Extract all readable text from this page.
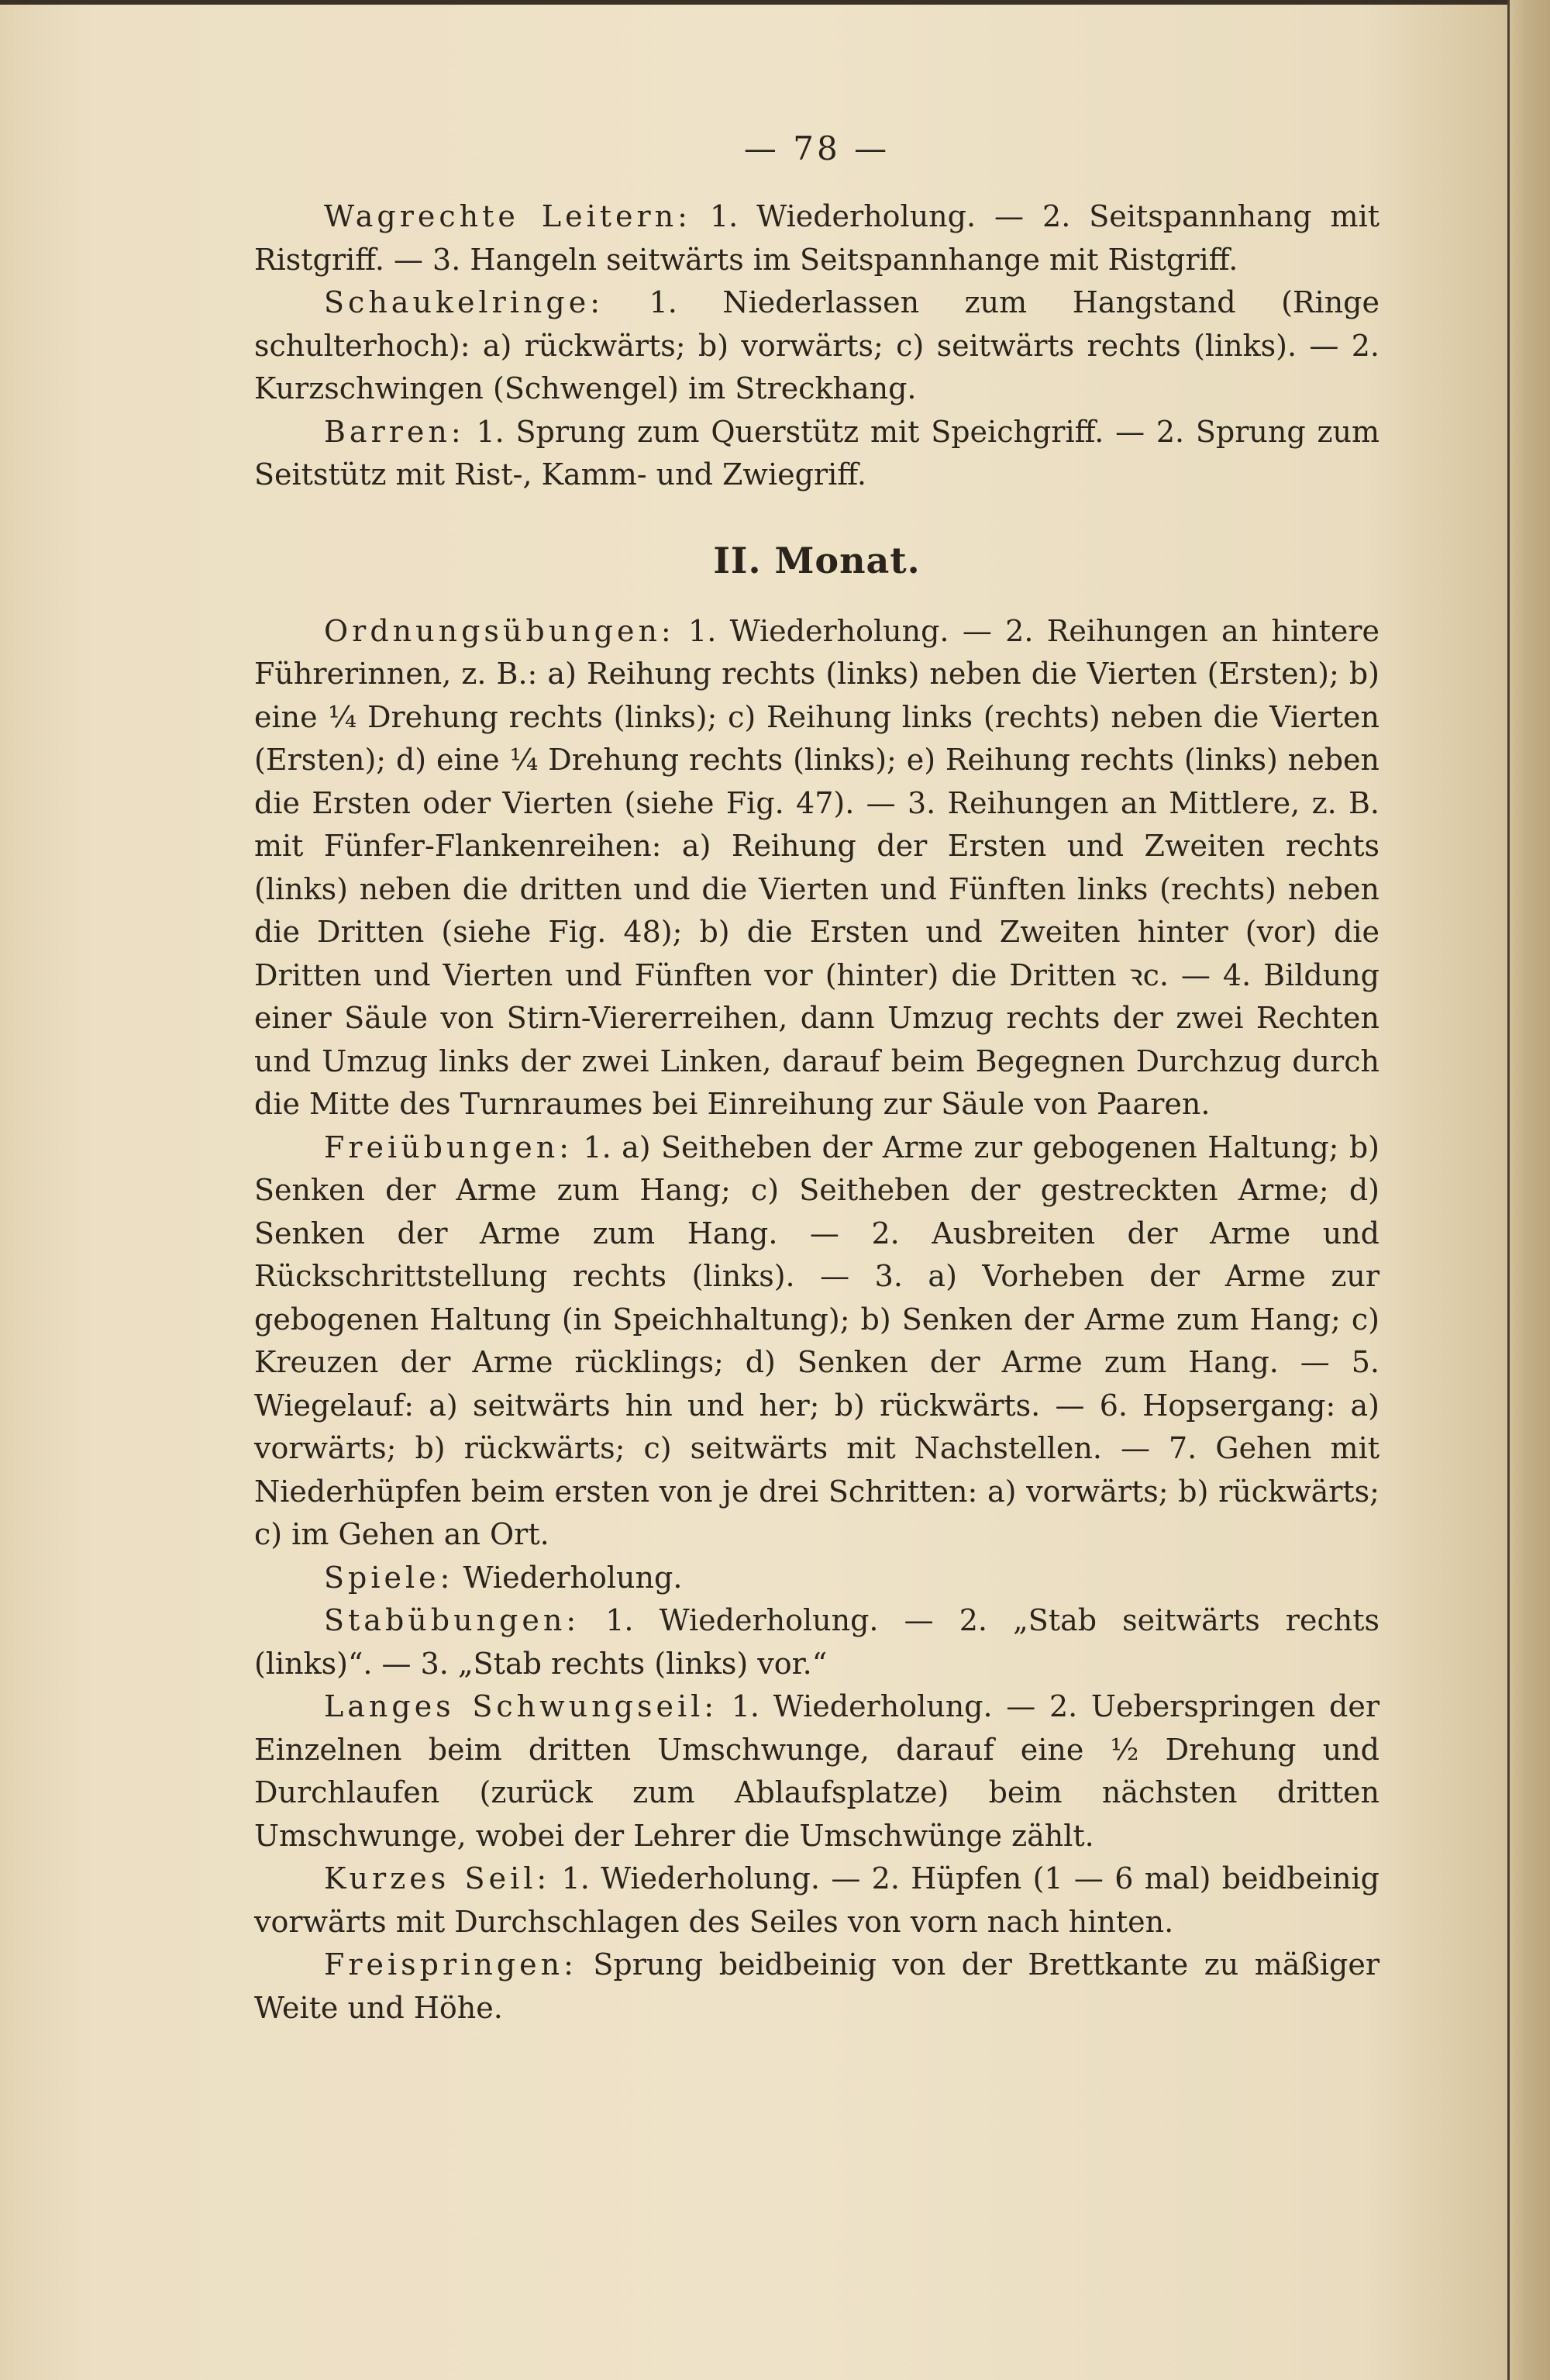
— 78 —

Wagrechte Leitern: 1. Wiederholung. — 2. Seitspannhang mit Ristgriff. — 3. Hangeln seitwärts im Seitspannhange mit Ristgriff.

Schaukelringe: 1. Niederlassen zum Hangstand (Ringe schulterhoch): a) rückwärts; b) vorwärts; c) seitwärts rechts (links). — 2. Kurzschwingen (Schwengel) im Streckhang.

Barren: 1. Sprung zum Querstütz mit Speichgriff. — 2. Sprung zum Seitstütz mit Rist-, Kamm- und Zwiegriff.

II. Monat.

Ordnungsübungen: 1. Wiederholung. — 2. Reihungen an hintere Führerinnen, z. B.: a) Reihung rechts (links) neben die Vierten (Ersten); b) eine ¼ Drehung rechts (links); c) Reihung links (rechts) neben die Vierten (Ersten); d) eine ¼ Drehung rechts (links); e) Reihung rechts (links) neben die Ersten oder Vierten (siehe Fig. 47). — 3. Reihungen an Mittlere, z. B. mit Fünfer-Flankenreihen: a) Reihung der Ersten und Zweiten rechts (links) neben die dritten und die Vierten und Fünften links (rechts) neben die Dritten (siehe Fig. 48); b) die Ersten und Zweiten hinter (vor) die Dritten und Vierten und Fünften vor (hinter) die Dritten ꝛc. — 4. Bildung einer Säule von Stirn-Viererreihen, dann Umzug rechts der zwei Rechten und Umzug links der zwei Linken, darauf beim Begegnen Durchzug durch die Mitte des Turnraumes bei Einreihung zur Säule von Paaren.

Freiübungen: 1. a) Seitheben der Arme zur gebogenen Haltung; b) Senken der Arme zum Hang; c) Seitheben der gestreckten Arme; d) Senken der Arme zum Hang. — 2. Ausbreiten der Arme und Rückschrittstellung rechts (links). — 3. a) Vorheben der Arme zur gebogenen Haltung (in Speichhaltung); b) Senken der Arme zum Hang; c) Kreuzen der Arme rücklings; d) Senken der Arme zum Hang. — 5. Wiegelauf: a) seitwärts hin und her; b) rückwärts. — 6. Hopsergang: a) vorwärts; b) rückwärts; c) seitwärts mit Nachstellen. — 7. Gehen mit Niederhüpfen beim ersten von je drei Schritten: a) vorwärts; b) rückwärts; c) im Gehen an Ort.

Spiele: Wiederholung.

Stabübungen: 1. Wiederholung. — 2. „Stab seitwärts rechts (links)“. — 3. „Stab rechts (links) vor.“

Langes Schwungseil: 1. Wiederholung. — 2. Ueberspringen der Einzelnen beim dritten Umschwunge, darauf eine ½ Drehung und Durchlaufen (zurück zum Ablaufsplatze) beim nächsten dritten Umschwunge, wobei der Lehrer die Umschwünge zählt.

Kurzes Seil: 1. Wiederholung. — 2. Hüpfen (1 — 6 mal) beidbeinig vorwärts mit Durchschlagen des Seiles von vorn nach hinten.

Freispringen: Sprung beidbeinig von der Brettkante zu mäßiger Weite und Höhe.
